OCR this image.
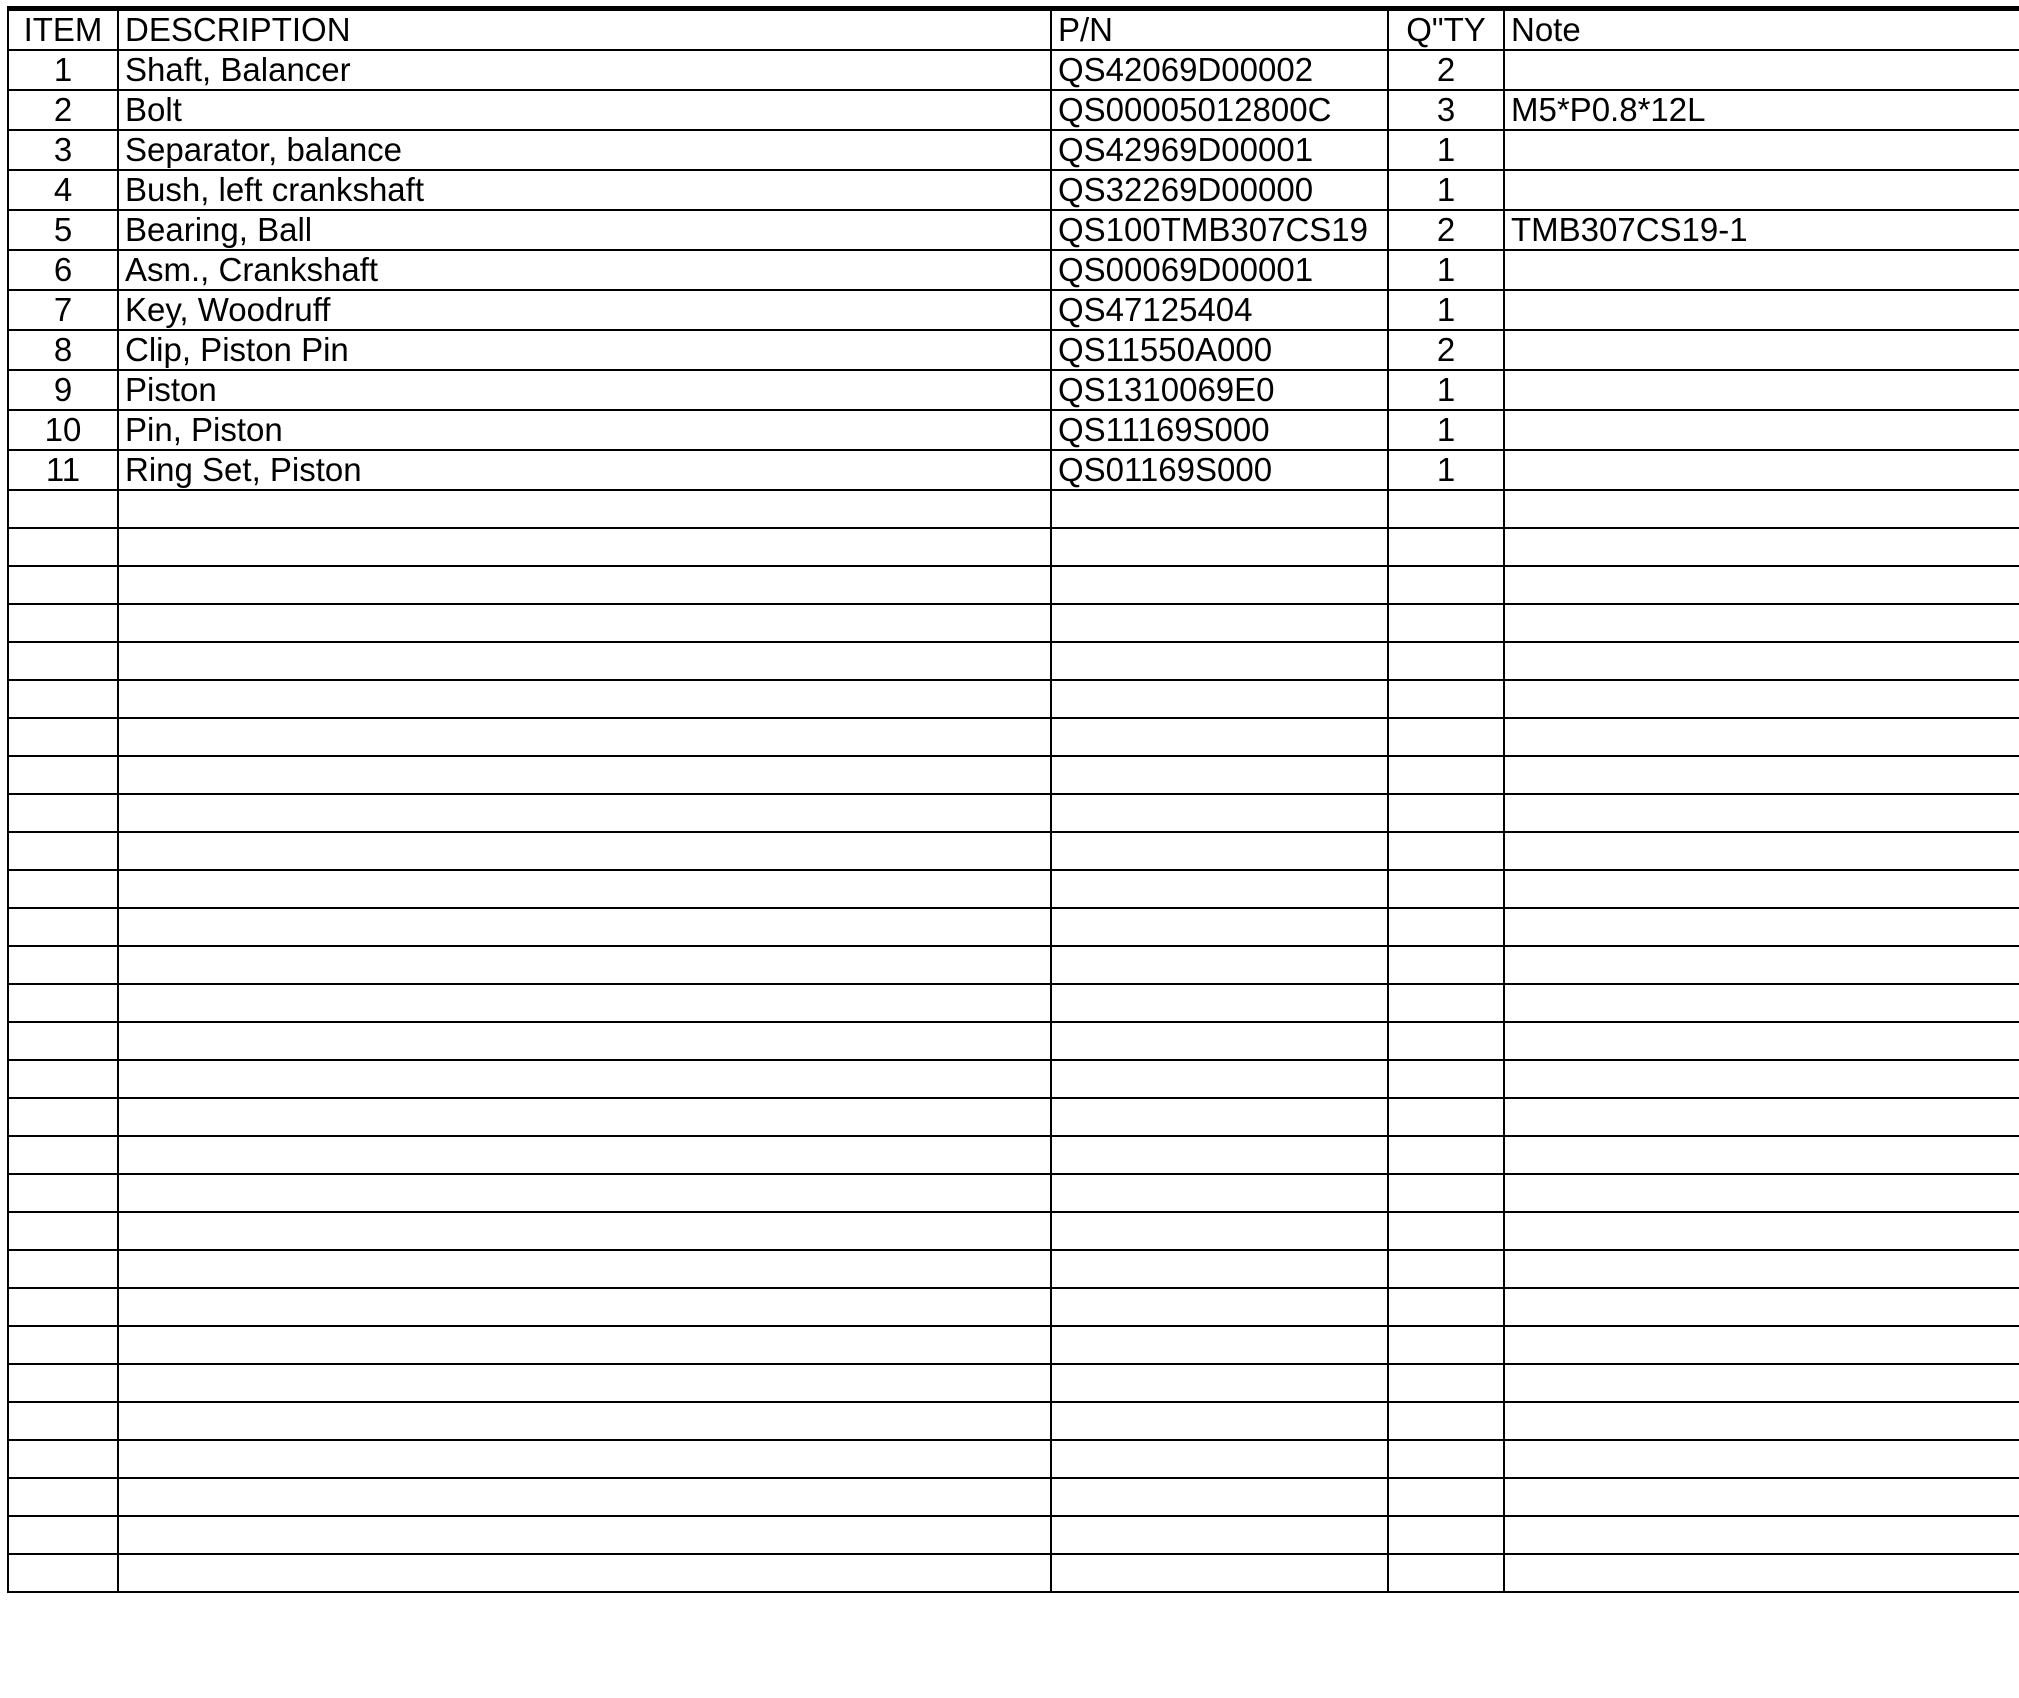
ITEM	DESCRIPTION	P/N	Q"TY	Note
1	Shaft, Balancer	QS42069D00002	2	
2	Bolt	QS00005012800C	3	M5*P0.8*12L
3	Separator, balance	QS42969D00001	1	
4	Bush, left crankshaft	QS32269D00000	1	
5	Bearing, Ball	QS100TMB307CS19	2	TMB307CS19-1
6	Asm., Crankshaft	QS00069D00001	1	
7	Key, Woodruff	QS47125404	1	
8	Clip, Piston Pin	QS11550A000	2	
9	Piston	QS1310069E0	1	
10	Pin, Piston	QS11169S000	1	
11	Ring Set, Piston	QS01169S000	1	
